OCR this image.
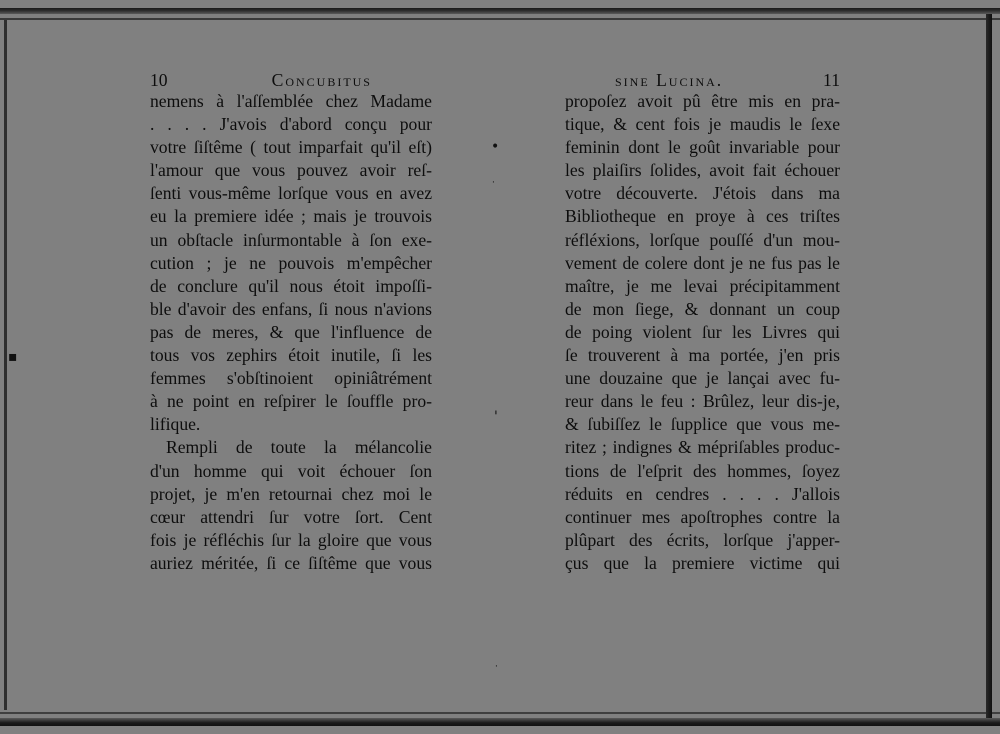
•
'
·
·
▪
10	Concubitus
nemens à l'aſſemblée chez Madame
. . . . J'avois d'abord conçu pour
votre ſiſtême ( tout imparfait qu'il eſt)
l'amour que vous pouvez avoir reſ-
ſenti vous-même lorſque vous en avez
eu la premiere idée ; mais je trouvois
un obſtacle inſurmontable à ſon exe-
cution ; je ne pouvois m'empêcher
de conclure qu'il nous étoit impoſſi-
ble d'avoir des enfans, ſi nous n'avions
pas de meres, & que l'influence de
tous vos zephirs étoit inutile, ſi les
femmes s'obſtinoient opiniâtrément
à ne point en reſpirer le ſouffle pro-
lifique.
Rempli de toute la mélancolie
d'un homme qui voit échouer ſon
projet, je m'en retournai chez moi le
cœur attendri ſur votre ſort. Cent
fois je réfléchis ſur la gloire que vous
auriez méritée, ſi ce ſiſtême que vous
sine Lucina.	11
propoſez avoit pû être mis en pra-
tique, & cent fois je maudis le ſexe
feminin dont le goût invariable pour
les plaiſirs ſolides, avoit fait échouer
votre découverte. J'étois dans ma
Bibliotheque en proye à ces triſtes
réfléxions, lorſque pouſſé d'un mou-
vement de colere dont je ne fus pas le
maître, je me levai précipitamment
de mon ſiege, & donnant un coup
de poing violent ſur les Livres qui
ſe trouverent à ma portée, j'en pris
une douzaine que je lançai avec fu-
reur dans le feu : Brûlez, leur dis-je,
& ſubiſſez le ſupplice que vous me-
ritez ; indignes & mépriſables produc-
tions de l'eſprit des hommes, ſoyez
réduits en cendres . . . . J'allois
continuer mes apoſtrophes contre la
plûpart des écrits, lorſque j'apper-
çus que la premiere victime qui
